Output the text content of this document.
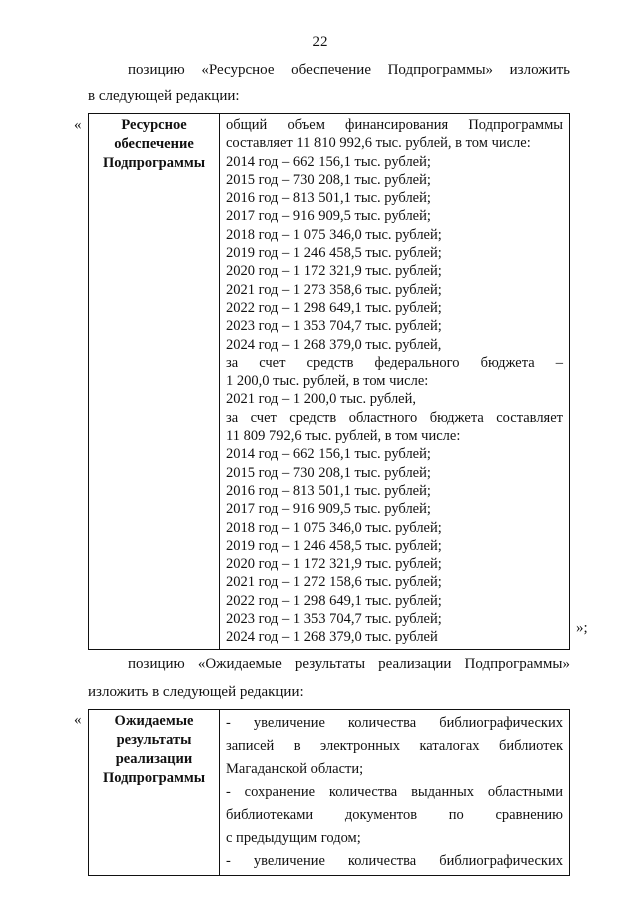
22
позицию «Ресурсное обеспечение Подпрограммы» изложить
в следующей редакции:
«	Ресурсное
обеспечение
Подпрограммы

общий объем финансирования Подпрограммы
составляет 11 810 992,6 тыс. рублей, в том числе:
2014 год – 662 156,1 тыс. рублей;
2015 год – 730 208,1 тыс. рублей;
2016 год – 813 501,1 тыс. рублей;
2017 год – 916 909,5 тыс. рублей;
2018 год – 1 075 346,0 тыс. рублей;
2019 год – 1 246 458,5 тыс. рублей;
2020 год – 1 172 321,9 тыс. рублей;
2021 год – 1 273 358,6 тыс. рублей;
2022 год – 1 298 649,1 тыс. рублей;
2023 год – 1 353 704,7 тыс. рублей;
2024 год – 1 268 379,0 тыс. рублей,
за счет средств федерального бюджета –
1 200,0 тыс. рублей, в том числе:
2021 год – 1 200,0 тыс. рублей,
за счет средств областного бюджета составляет
11 809 792,6 тыс. рублей, в том числе:
2014 год – 662 156,1 тыс. рублей;
2015 год – 730 208,1 тыс. рублей;
2016 год – 813 501,1 тыс. рублей;
2017 год – 916 909,5 тыс. рублей;
2018 год – 1 075 346,0 тыс. рублей;
2019 год – 1 246 458,5 тыс. рублей;
2020 год – 1 172 321,9 тыс. рублей;
2021 год – 1 272 158,6 тыс. рублей;
2022 год – 1 298 649,1 тыс. рублей;
2023 год – 1 353 704,7 тыс. рублей;
2024 год – 1 268 379,0 тыс. рублей
»;
позицию «Ожидаемые результаты реализации Подпрограммы»
изложить в следующей редакции:
«	Ожидаемые
результаты
реализации
Подпрограммы

- увеличение количества библиографических
записей в электронных каталогах библиотек
Магаданской области;
- сохранение количества выданных областными
библиотеками документов по сравнению
с предыдущим годом;
- увеличение количества библиографических
